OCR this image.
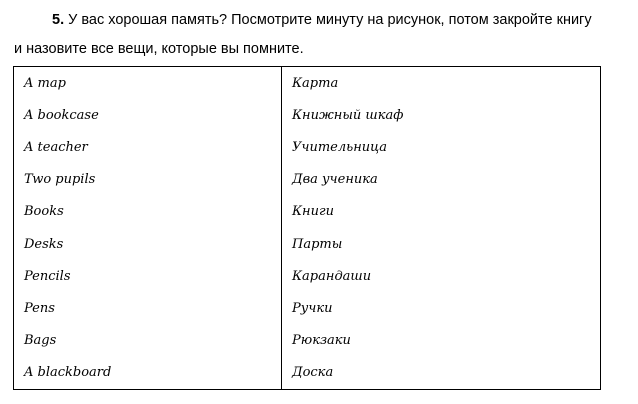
5. У вас хорошая память? Посмотрите минуту на рисунок, потом закройте книгу
и назовите все вещи, которые вы помните.
A map	Карта
A bookcase	Книжный шкаф
A teacher	Учительница
Two pupils	Два ученика
Books	Книги
Desks	Парты
Pencils	Карандаши
Pens	Ручки
Bags	Рюкзаки
A blackboard	Доска
